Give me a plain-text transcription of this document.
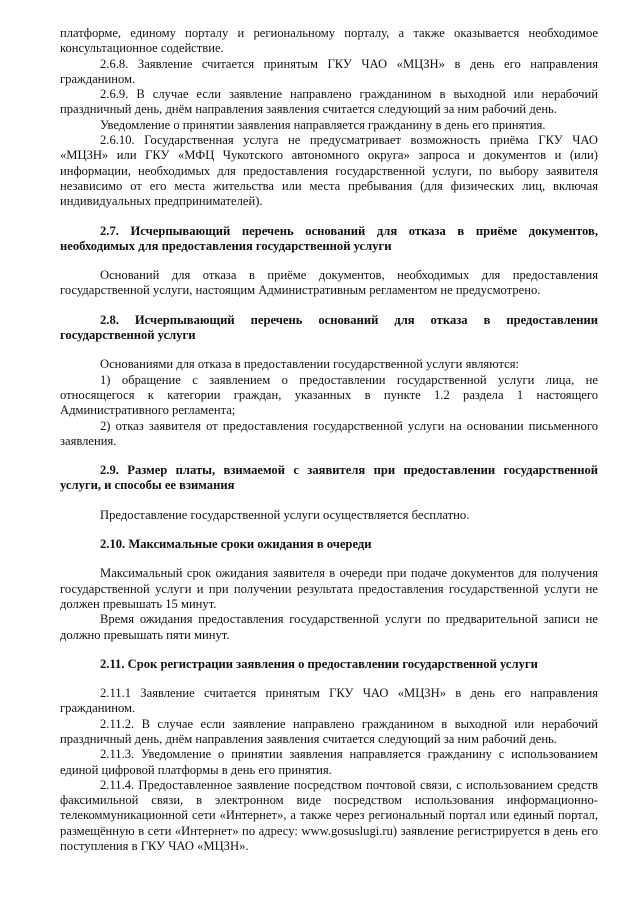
платформе, единому порталу и региональному порталу, а также оказывается необходимое консультационное содействие.

2.6.8. Заявление считается принятым ГКУ ЧАО «МЦЗН» в день его направления гражданином.

2.6.9. В случае если заявление направлено гражданином в выходной или нерабочий праздничный день, днём направления заявления считается следующий за ним рабочий день.

Уведомление о принятии заявления направляется гражданину в день его принятия.

2.6.10. Государственная услуга не предусматривает возможность приёма ГКУ ЧАО «МЦЗН» или ГКУ «МФЦ Чукотского автономного округа» запроса и документов и (или) информации, необходимых для предоставления государственной услуги, по выбору заявителя независимо от его места жительства или места пребывания (для физических лиц, включая индивидуальных предпринимателей).

2.7. Исчерпывающий перечень оснований для отказа в приёме документов, необходимых для предоставления государственной услуги

Оснований для отказа в приёме документов, необходимых для предоставления государственной услуги, настоящим Административным регламентом не предусмотрено.

2.8. Исчерпывающий перечень оснований для отказа в предоставлении государственной услуги

Основаниями для отказа в предоставлении государственной услуги являются:

1) обращение с заявлением о предоставлении государственной услуги лица, не относящегося к категории граждан, указанных в пункте 1.2 раздела 1 настоящего Административного регламента;

2) отказ заявителя от предоставления государственной услуги на основании письменного заявления.

2.9. Размер платы, взимаемой с заявителя при предоставлении государственной услуги, и способы ее взимания

Предоставление государственной услуги осуществляется бесплатно.

2.10. Максимальные сроки ожидания в очереди

Максимальный срок ожидания заявителя в очереди при подаче документов для получения государственной услуги и при получении результата предоставления государственной услуги не должен превышать 15 минут.

Время ожидания предоставления государственной услуги по предварительной записи не должно превышать пяти минут.

2.11. Срок регистрации заявления о предоставлении государственной услуги

2.11.1 Заявление считается принятым ГКУ ЧАО «МЦЗН» в день его направления гражданином.

2.11.2. В случае если заявление направлено гражданином в выходной или нерабочий праздничный день, днём направления заявления считается следующий за ним рабочий день.

2.11.3. Уведомление о принятии заявления направляется гражданину с использованием единой цифровой платформы в день его принятия.

2.11.4. Предоставленное заявление посредством почтовой связи, с использованием средств факсимильной связи, в электронном виде посредством использования информационно-телекоммуникационной сети «Интернет», а также через региональный портал или единый портал, размещённую в сети «Интернет» по адресу: www.gosuslugi.ru) заявление регистрируется в день его поступления в ГКУ ЧАО «МЦЗН».
